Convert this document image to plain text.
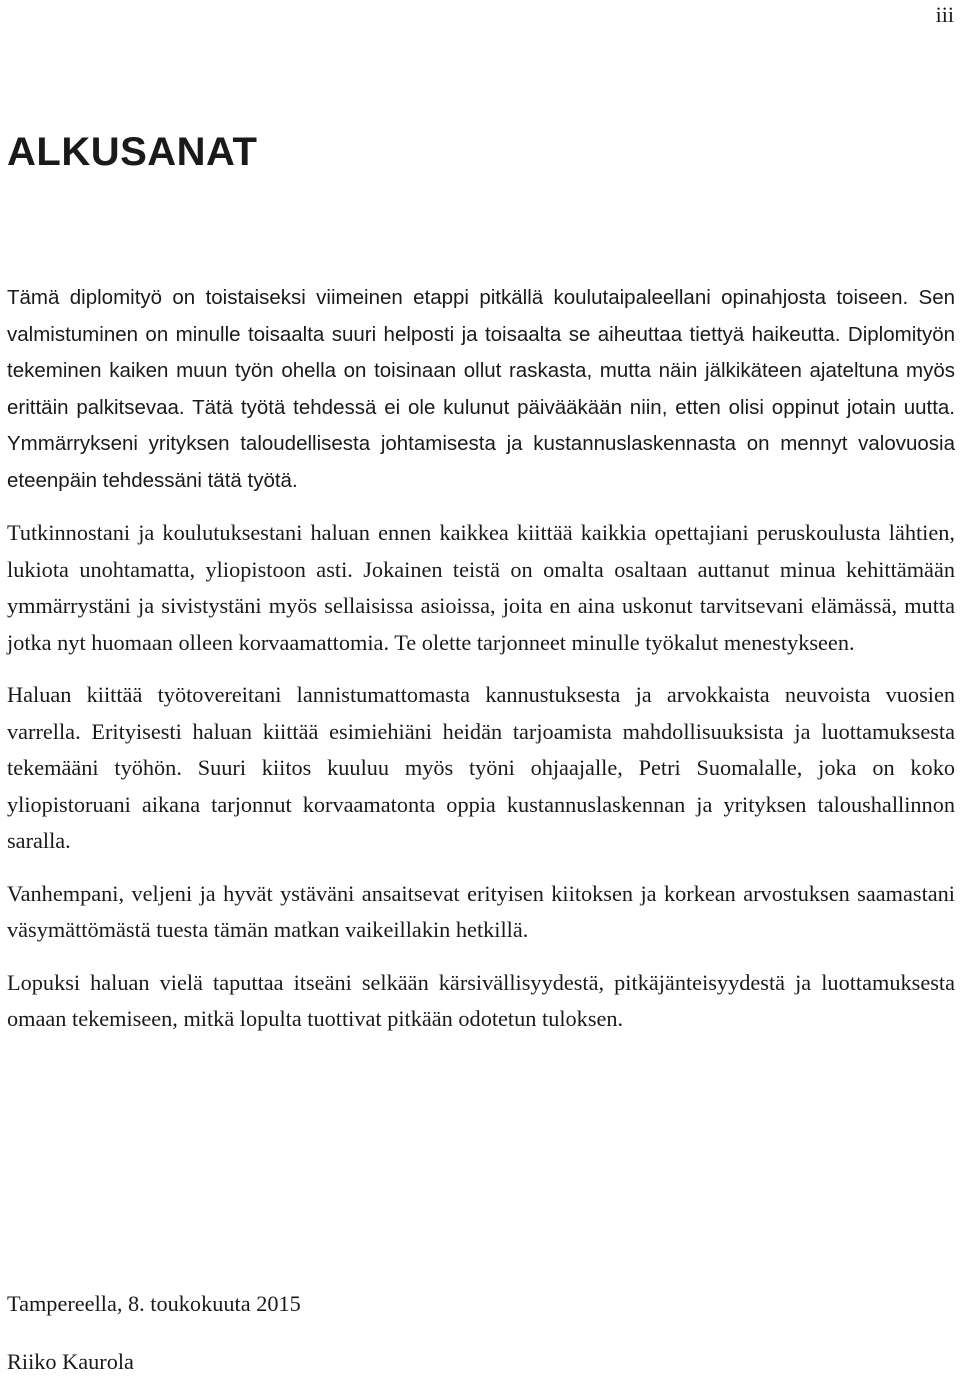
iii
ALKUSANAT

Tämä diplomityö on toistaiseksi viimeinen etappi pitkällä koulutaipaleellani opinahjosta toiseen. Sen valmistuminen on minulle toisaalta suuri helposti ja toisaalta se aiheuttaa tiettyä haikeutta. Diplomityön tekeminen kaiken muun työn ohella on toisinaan ollut raskasta, mutta näin jälkikäteen ajateltuna myös erittäin palkitsevaa. Tätä työtä tehdessä ei ole kulunut päivääkään niin, etten olisi oppinut jotain uutta. Ymmärrykseni yrityksen taloudellisesta johtamisesta ja kustannuslaskennasta on mennyt valovuosia eteenpäin tehdessäni tätä työtä.

Tutkinnostani ja koulutuksestani haluan ennen kaikkea kiittää kaikkia opettajiani peruskoulusta lähtien, lukiota unohtamatta, yliopistoon asti. Jokainen teistä on omalta osaltaan auttanut minua kehittämään ymmärrystäni ja sivistystäni myös sellaisissa asioissa, joita en aina uskonut tarvitsevani elämässä, mutta jotka nyt huomaan olleen korvaamattomia. Te olette tarjonneet minulle työkalut menestykseen.

Haluan kiittää työtovereitani lannistumattomasta kannustuksesta ja arvokkaista neuvoista vuosien varrella. Erityisesti haluan kiittää esimiehiäni heidän tarjoamista mahdollisuuksista ja luottamuksesta tekemääni työhön. Suuri kiitos kuuluu myös työni ohjaajalle, Petri Suomalalle, joka on koko yliopistoruani aikana tarjonnut korvaamatonta oppia kustannuslaskennan ja yrityksen taloushallinnon saralla.

Vanhempani, veljeni ja hyvät ystäväni ansaitsevat erityisen kiitoksen ja korkean arvostuksen saamastani väsymättömästä tuesta tämän matkan vaikeillakin hetkillä.

Lopuksi haluan vielä taputtaa itseäni selkään kärsivällisyydestä, pitkäjänteisyydestä ja luottamuksesta omaan tekemiseen, mitkä lopulta tuottivat pitkään odotetun tuloksen.

Tampereella, 8. toukokuuta 2015
Riiko Kaurola
